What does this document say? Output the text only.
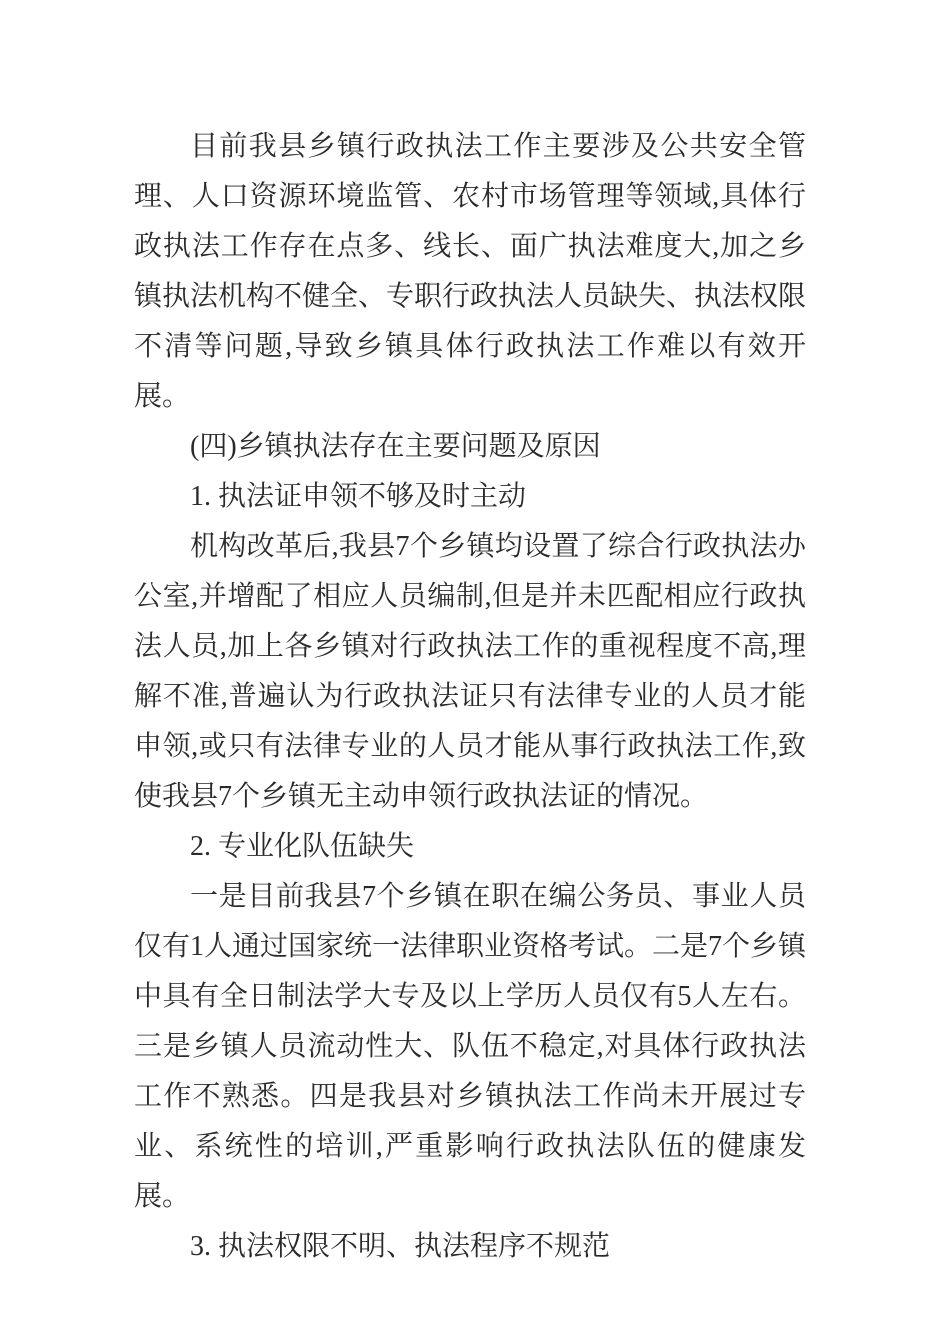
目前我县乡镇行政执法工作主要涉及公共安全管理、人口资源环境监管、农村市场管理等领域,具体行政执法工作存在点多、线长、面广执法难度大,加之乡镇执法机构不健全、专职行政执法人员缺失、执法权限不清等问题,导致乡镇具体行政执法工作难以有效开展。

(四)乡镇执法存在主要问题及原因

1. 执法证申领不够及时主动

机构改革后,我县7个乡镇均设置了综合行政执法办公室,并增配了相应人员编制,但是并未匹配相应行政执法人员,加上各乡镇对行政执法工作的重视程度不高,理解不准,普遍认为行政执法证只有法律专业的人员才能申领,或只有法律专业的人员才能从事行政执法工作,致使我县7个乡镇无主动申领行政执法证的情况。

2. 专业化队伍缺失

一是目前我县7个乡镇在职在编公务员、事业人员仅有1人通过国家统一法律职业资格考试。二是7个乡镇中具有全日制法学大专及以上学历人员仅有5人左右。三是乡镇人员流动性大、队伍不稳定,对具体行政执法工作不熟悉。四是我县对乡镇执法工作尚未开展过专业、系统性的培训,严重影响行政执法队伍的健康发展。

3. 执法权限不明、执法程序不规范
